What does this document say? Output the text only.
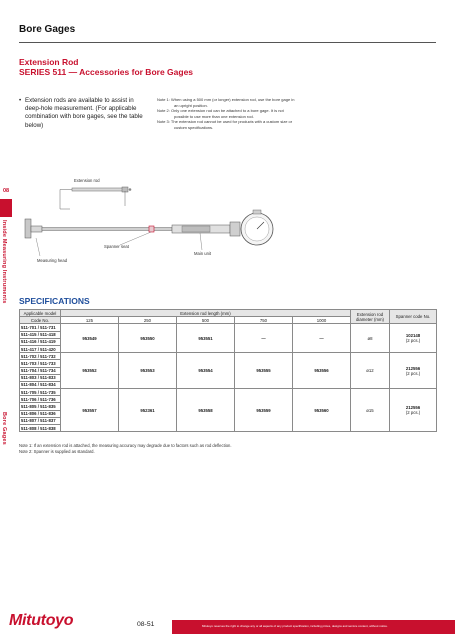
Bore Gages
Extension Rod
SERIES 511 — Accessories for Bore Gages
• Extension rods are available to assist in deep-hole measurement. (For applicable combination with bore gages, see the table below)
Note 1: When using a 500 mm (or longer) extension rod, use the bore gage in an upright position.
Note 2: Only one extension rod can be attached to a bore gage. It is not possible to use more than one extension rod.
Note 3: The extension rod cannot be used for products with a custom size or custom specifications.
08
Inside Measuring Instruments
Bore Gages
Extension rod
Measuring head
Spanner seat
Main unit
SPECIFICATIONS
Applicable model	Extension rod length (mm)					Extension rod diameter (mm)	Spanner code No.
Code No.	125	250	500	750	1000		
511-701 / 511-731	953549	953550	953551	—	—	ø8	102148
(2 pcs.)

511-415 / 511-418							
511-416 / 511-419							
511-417 / 511-420							
511-702 / 511-732	953552	953553	953554	953555	953556	ø12	212556
(2 pcs.)

511-703 / 511-733							
511-704 / 511-734							
511-803 / 511-833							
511-804 / 511-834							
511-705 / 511-735	953557	952361	953558	953559	953560	ø15	212556
(2 pcs.)

511-706 / 511-736							
511-805 / 511-835							
511-806 / 511-836							
511-807 / 511-837							
511-808 / 511-838							
Note 1: If an extension rod is attached, the measuring accuracy may degrade due to factors such as rod deflection.
Note 2: Spanner is supplied as standard.
Mitutoyo	08-51	Mitutoyo reserves the right to change any or all aspects of any product specification, including prices, designs and service content, without notice.
